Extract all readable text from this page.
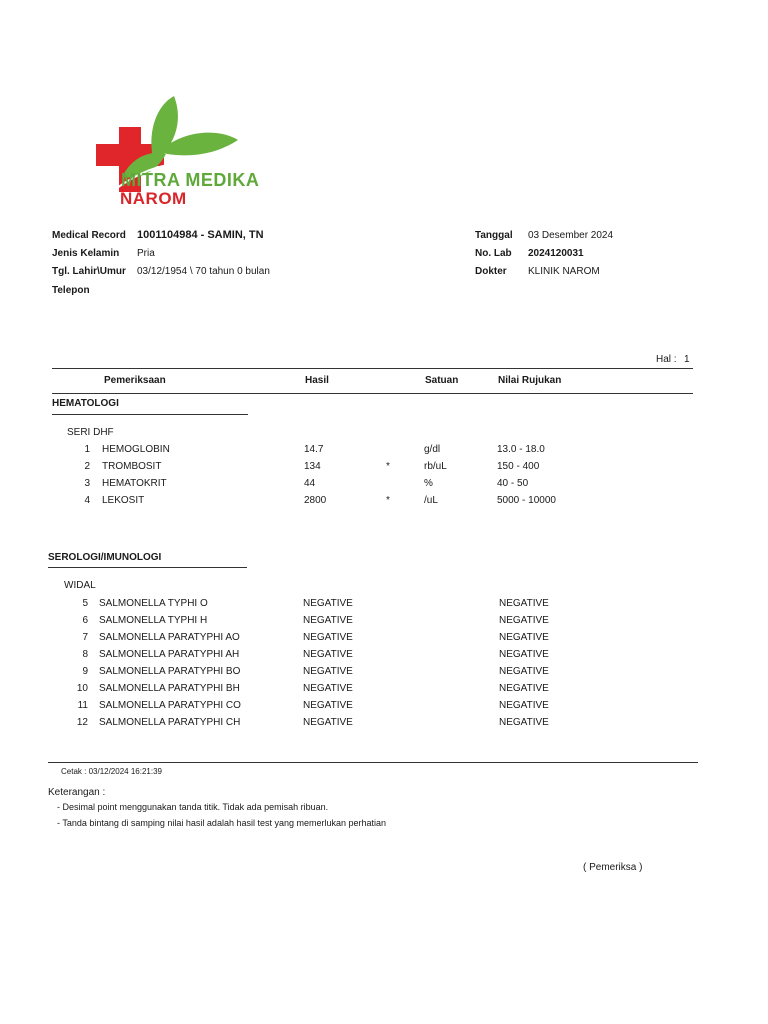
MITRA MEDIKA
NAROM
Medical Record 1001104984 - SAMIN, TN
Jenis Kelamin Pria
Tgl. Lahir\Umur 03/12/1954 \ 70 tahun 0 bulan
Telepon
Tanggal 03 Desember 2024
No. Lab 2024120031
Dokter KLINIK NAROM
Hal : 1
Pemeriksaan	Hasil	Satuan	Nilai Rujukan
HEMATOLOGI
SERI DHF
1 HEMOGLOBIN	14.7	g/dl	13.0 - 18.0
2 TROMBOSIT	134	*	rb/uL	150 - 400
3 HEMATOKRIT	44	%	40 - 50
4 LEKOSIT	2800	*	/uL	5000 - 10000
SEROLOGI/IMUNOLOGI
WIDAL
5 SALMONELLA TYPHI O	NEGATIVE	NEGATIVE
6 SALMONELLA TYPHI H	NEGATIVE	NEGATIVE
7 SALMONELLA PARATYPHI AO	NEGATIVE	NEGATIVE
8 SALMONELLA PARATYPHI AH	NEGATIVE	NEGATIVE
9 SALMONELLA PARATYPHI BO	NEGATIVE	NEGATIVE
10 SALMONELLA PARATYPHI BH	NEGATIVE	NEGATIVE
11 SALMONELLA PARATYPHI CO	NEGATIVE	NEGATIVE
12 SALMONELLA PARATYPHI CH	NEGATIVE	NEGATIVE
Cetak : 03/12/2024 16:21:39
Keterangan :
- Desimal point menggunakan tanda titik. Tidak ada pemisah ribuan.
- Tanda bintang di samping nilai hasil adalah hasil test yang memerlukan perhatian
( Pemeriksa )
